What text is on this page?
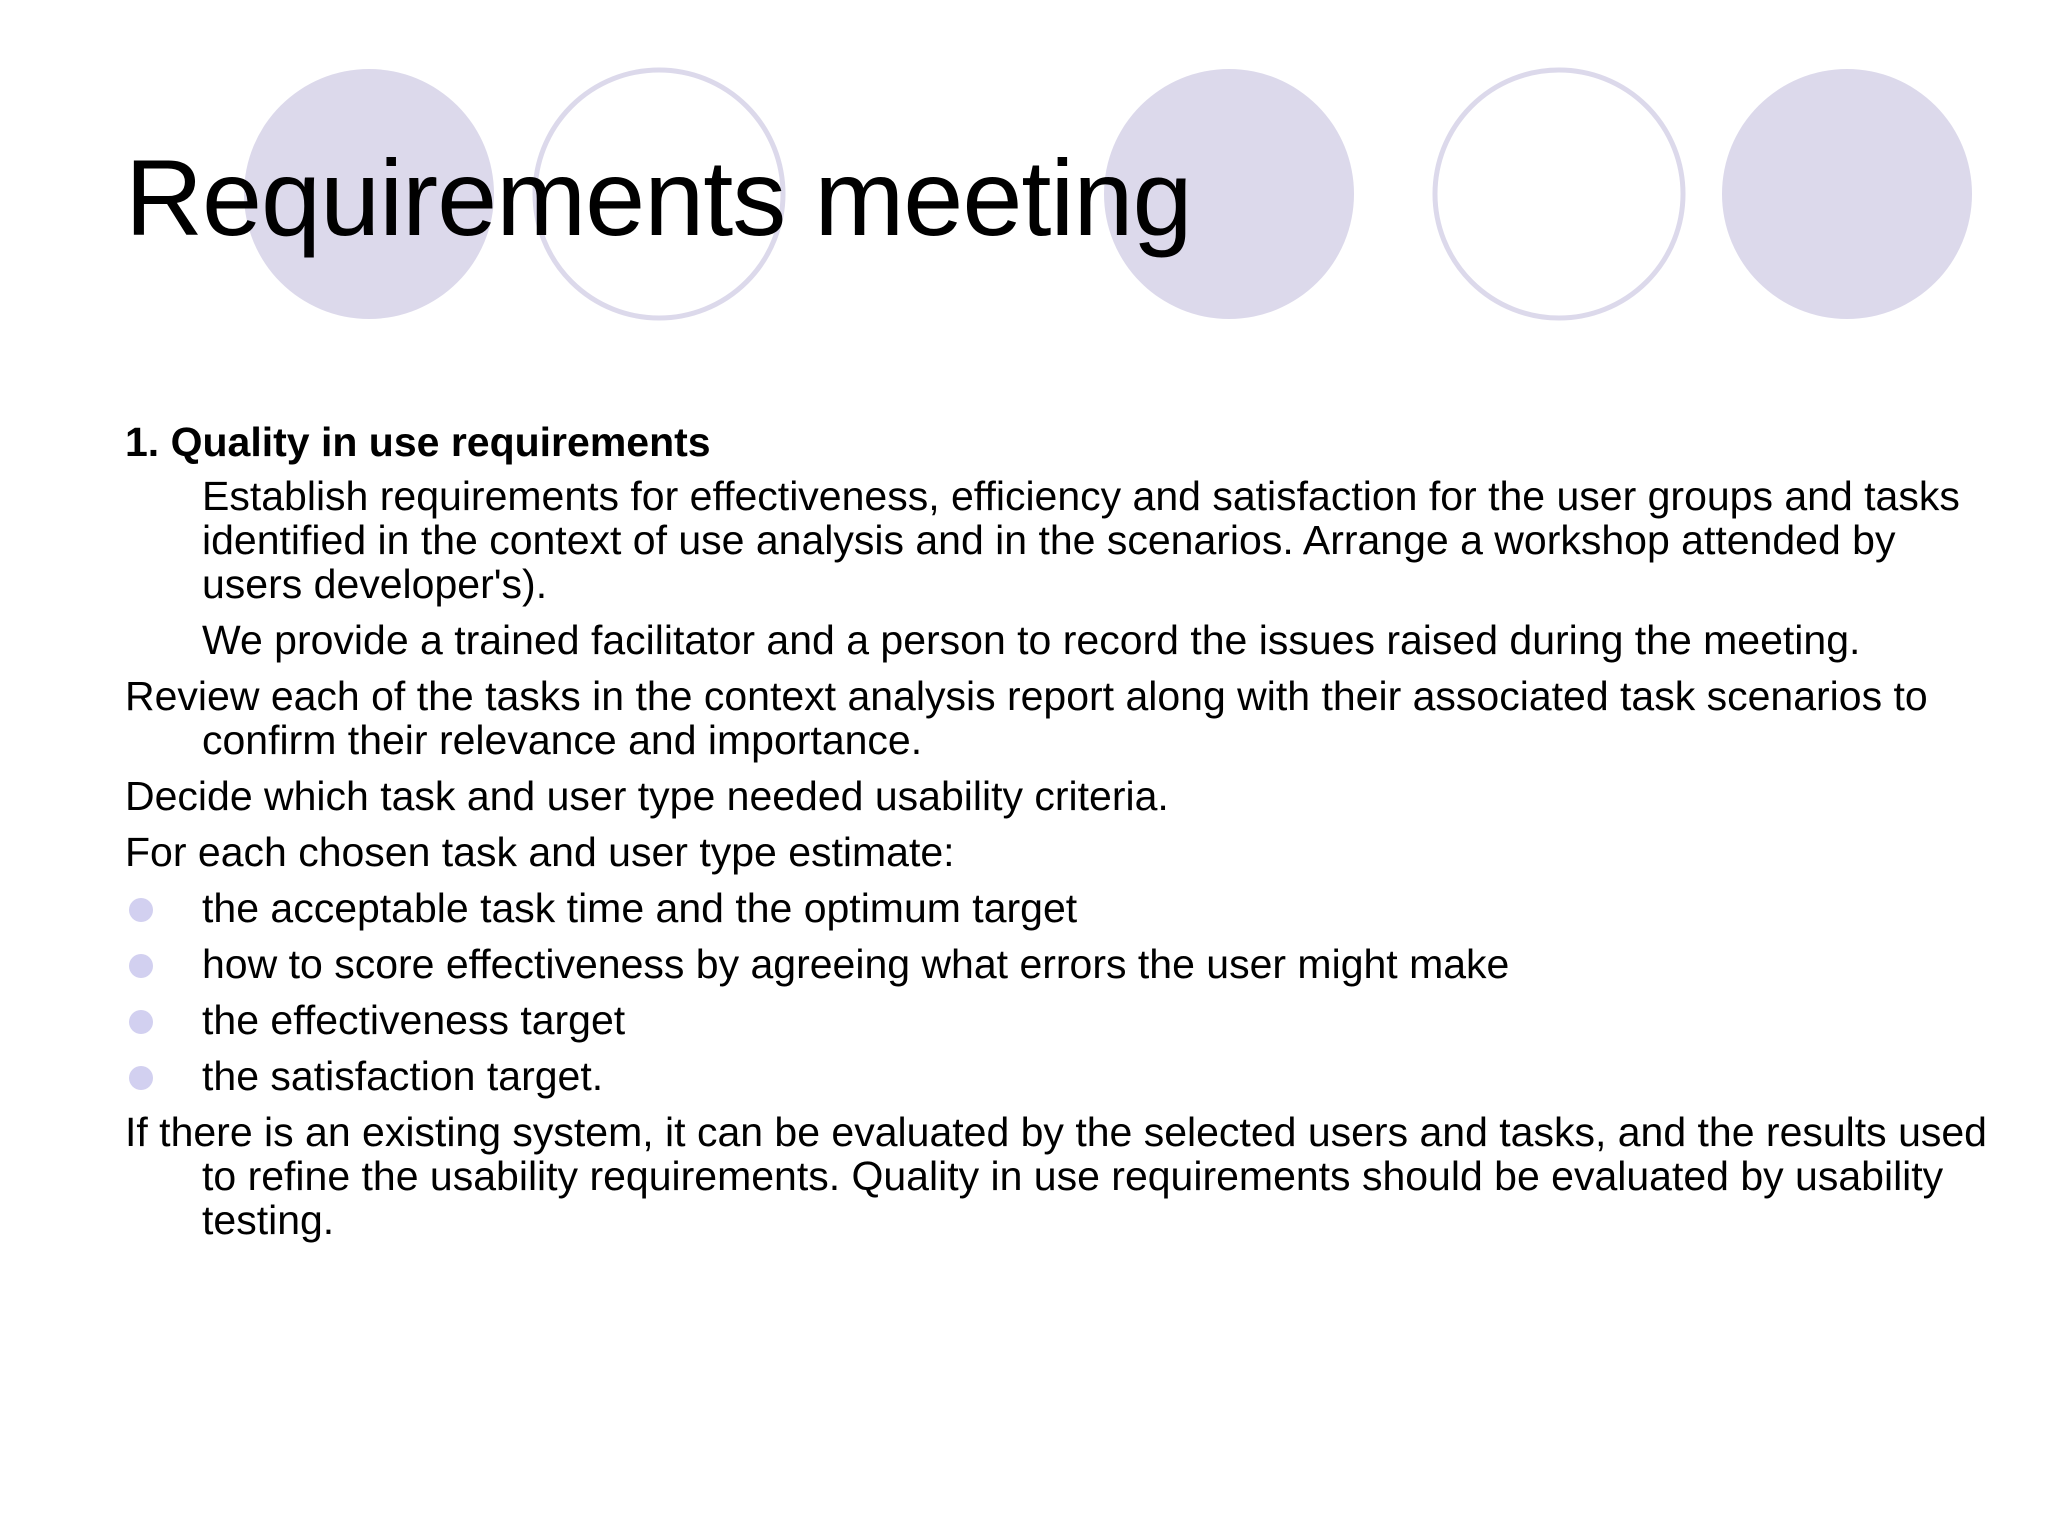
Requirements meeting

1. Quality in use requirements

Establish requirements for effectiveness, efficiency and satisfaction for the user groups and tasks identified in the context of use analysis and in the scenarios. Arrange a workshop attended by users developer's).

We provide a trained facilitator and a person to record the issues raised during the meeting.

Review each of the tasks in the context analysis report along with their associated task scenarios to confirm their relevance and importance.

Decide which task and user type needed usability criteria.

For each chosen task and user type estimate:

the acceptable task time and the optimum target
how to score effectiveness by agreeing what errors the user might make
the effectiveness target
the satisfaction target.

If there is an existing system, it can be evaluated by the selected users and tasks, and the results used to refine the usability requirements. Quality in use requirements should be evaluated by usability testing.
